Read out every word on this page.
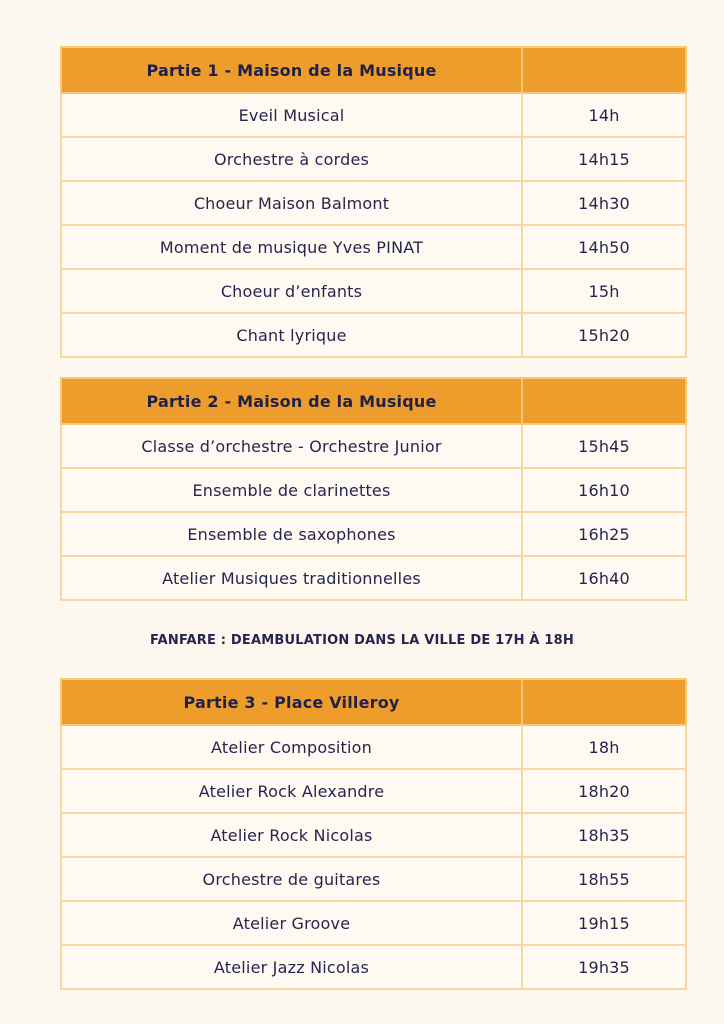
Partie 1 - Maison de la Musique	
Eveil Musical	14h
Orchestre à cordes	14h15
Choeur Maison Balmont	14h30
Moment de musique Yves PINAT	14h50
Choeur d’enfants	15h
Chant lyrique	15h20
Partie 2 - Maison de la Musique	
Classe d’orchestre - Orchestre Junior	15h45
Ensemble de clarinettes	16h10
Ensemble de saxophones	16h25
Atelier Musiques traditionnelles	16h40
FANFARE : DEAMBULATION DANS LA VILLE DE 17H À 18H
Partie 3 - Place Villeroy	
Atelier Composition	18h
Atelier Rock Alexandre	18h20
Atelier Rock Nicolas	18h35
Orchestre de guitares	18h55
Atelier Groove	19h15
Atelier Jazz Nicolas	19h35
